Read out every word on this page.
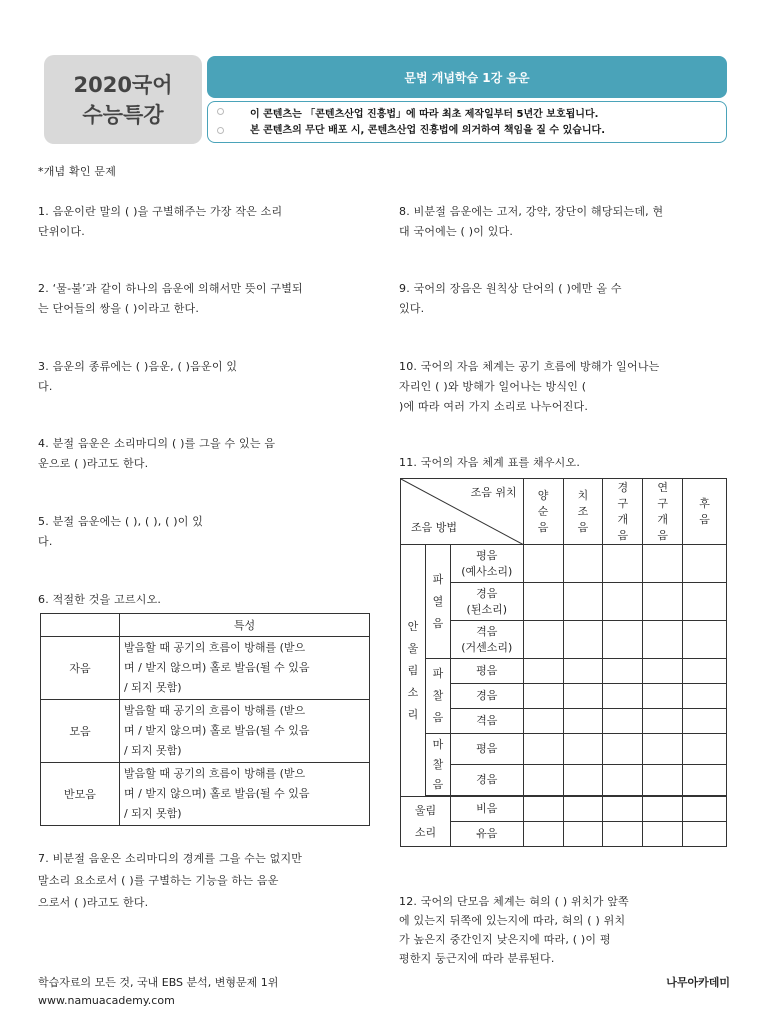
2020국어
수능특강
문법 개념학습 1강 음운
이 콘텐츠는 「콘텐츠산업 진흥법」에 따라 최초 제작일부터 5년간 보호됩니다.
본 콘텐츠의 무단 배포 시, 콘텐츠산업 진흥법에 의거하여 책임을 질 수 있습니다.
*개념 확인 문제
1. 음운이란 말의 ( )을 구별해주는 가장 작은 소리
단위이다.
2. ‘물-불’과 같이 하나의 음운에 의해서만 뜻이 구별되
는 단어들의 쌍을 ( )이라고 한다.
3. 음운의 종류에는 ( )음운, ( )음운이 있
다.
4. 분절 음운은 소리마디의 ( )를 그을 수 있는 음
운으로 ( )라고도 한다.
5. 분절 음운에는 ( ), ( ), ( )이 있
다.
6. 적절한 것을 고르시오.
	특성
자음	발음할 때 공기의 흐름이 방해를 (받으
며 / 받지 않으며) 홀로 발음(될 수 있음
/ 되지 못함)

모음	발음할 때 공기의 흐름이 방해를 (받으
며 / 받지 않으며) 홀로 발음(될 수 있음
/ 되지 못함)

반모음	발음할 때 공기의 흐름이 방해를 (받으
며 / 받지 않으며) 홀로 발음(될 수 있음
/ 되지 못함)
7. 비분절 음운은 소리마디의 경계를 그을 수는 없지만
말소리 요소로서 ( )를 구별하는 기능을 하는 음운
으로서 ( )라고도 한다.
8. 비분절 음운에는 고저, 강약, 장단이 해당되는데, 현
대 국어에는 ( )이 있다.
9. 국어의 장음은 원칙상 단어의 ( )에만 올 수
있다.
10. 국어의 자음 체계는 공기 흐름에 방해가 일어나는
자리인 ( )와 방해가 일어나는 방식인 (
)에 따라 여러 가지 소리로 나누어진다.
11. 국어의 자음 체계 표를 채우시오.
조음 위치
조음 방법			양순음	치조음	경구개음	연구개음	후음

안울림소리	파열음	평음
(예사소리)					

		경음
(된소리)					

		격음
(거센소리)					

	파찰음	평음					
		경음					
		격음					

	마찰음	평음					
		경음					

울림소리		비음					
		유음					
12. 국어의 단모음 체계는 혀의 ( ) 위치가 앞쪽
에 있는지 뒤쪽에 있는지에 따라, 혀의 ( ) 위치
가 높은지 중간인지 낮은지에 따라, ( )이 평
평한지 둥근지에 따라 분류된다.
학습자료의 모든 것, 국내 EBS 분석, 변형문제 1위
www.namuacademy.com
나무아카데미
